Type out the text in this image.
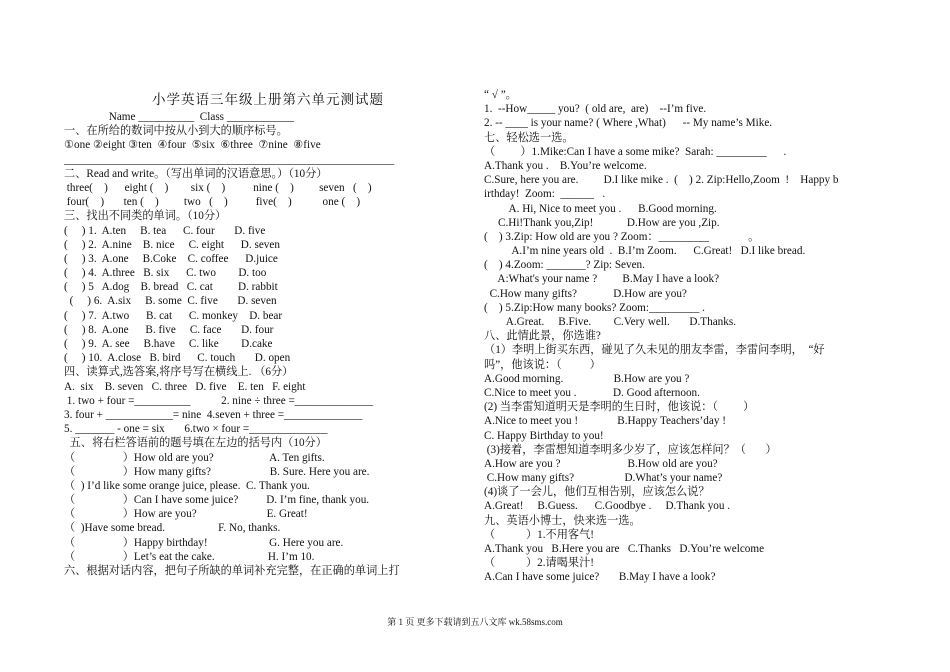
小学英语三年级上册第六单元测试题
Name __________  Class ____________
一、在所给的数词中按从小到大的顺序标号。
①one ②eight ③ten  ④four  ⑤six  ⑥three  ⑦nine  ⑧five
___________________________________________________________
二、Read and write。（写出单词的汉语意思。）（10分）
three(    )      eight (    )        six (    )          nine (    )         seven   (    )
four(    )       ten (    )         two   (    )          five(    )           one (    )
三、找出不同类的单词。（10分）
(     ) 1.  A.ten     B. tea      C. four       D. five
(     ) 2.  A.nine    B. nice     C. eight      D. seven
(     ) 3.  A.one     B.Coke    C. coffee      D.juice
(     ) 4.  A.three   B. six      C. two        D. too
(     ) 5   A.dog    B. bread   C. cat         D. rabbit
(     ) 6.  A.six     B. some  C. five       D. seven
(     ) 7.  A.two      B. cat      C. monkey    D. bear
(     ) 8.  A.one      B. five     C. face       D. four
(     ) 9.  A. see     B.have     C. like        D.cake
(     ) 10.  A.close   B. bird      C. touch       D. open
四、读算式,选答案,将序号写在横线上. （6分）
A.  six    B. seven   C. three   D. five    E. ten   F. eight
1. two + four =__________           2. nine ÷ three =______________
3. four + ____________= nine  4.seven + three =______________
5. _______ - one = six       6.two × four =______________
五、将右栏答语前的题号填在左边的括号内（10分）
（                 ）How old are you?                    A. Ten gifts.
（                 ）How many gifts?                     B. Sure. Here you are.
（  ) I’d like some orange juice, please.  C. Thank you.
（                 ）Can I have some juice?          D. I’m fine, thank you.
（                 ）How are you?                         E. Great!
（  )Have some bread.                   F. No, thanks.
（                 ）Happy birthday!                      G. Here you are.
（                 ）Let’s eat the cake.                   H. I’m 10.
六、根据对话内容，把句子所缺的单词补充完整，在正确的单词上打
“ √ ”。
1.  --How_____ you?  ( old are,  are)    --I’m five.
2. -- ____ is your name? ( Where ,What)      -- My name’s Mike.
七、轻松选一选。
（         ）1.Mike:Can I have a some mike?  Sarah: _________      .
A.Thank you .    B.You’re welcome.
C.Sure, here you are.         D.I like mike .  (    ) 2. Zip:Hello,Zoom  !    Happy b
irthday!  Zoom:  ______   .
A. Hi, Nice to meet you .      B.Good morning.
C.Hi!Thank you,Zip!            D.How are you ,Zip.
(    ) 3.Zip: How old are you ? Zoom：_________              。
A.I’m nine years old  .  B.I’m Zoom.      C.Great!   D.I like bread.
(    ) 4.Zoom: _______? Zip: Seven.
A:What's your name ?         B.May I have a look?
C.How many gifts?             D.How are you?
(    ) 5.Zip:How many books? Zoom:_________ .
A.Great.     B.Five.        C.Very well.       D.Thanks.
八、此情此景，你选谁?
（1）李明上街买东西，碰见了久未见的朋友李雷，李雷问李明，  “好
吗”，他该说：（          ）
A.Good morning.                  B.How are you ?
C.Nice to meet you .             D. Good afternoon.
(2) 当李雷知道明天是李明的生日时，他该说：（         ）
A.Nice to meet you !              B.Happy Teachers’day !
C. Happy Birthday to you!
(3)接着，李雷想知道李明多少岁了，应该怎样问？（       ）
A.How are you ?                        B.How old are you?
C.How many gifts?                  D.What’s your name?
(4)谈了一会儿，他们互相告别，应该怎么说？
A.Great!     B.Guess.      C.Goodbye .     D.Thank you .
九、英语小博士，快来选一选。
（           ）1.不用客气!
A.Thank you   B.Here you are   C.Thanks   D.You’re welcome
（           ）2.请喝果汁!
A.Can I have some juice?       B.May I have a look?
第 1 页 更多下载请到五八文库 wk.58sms.com
